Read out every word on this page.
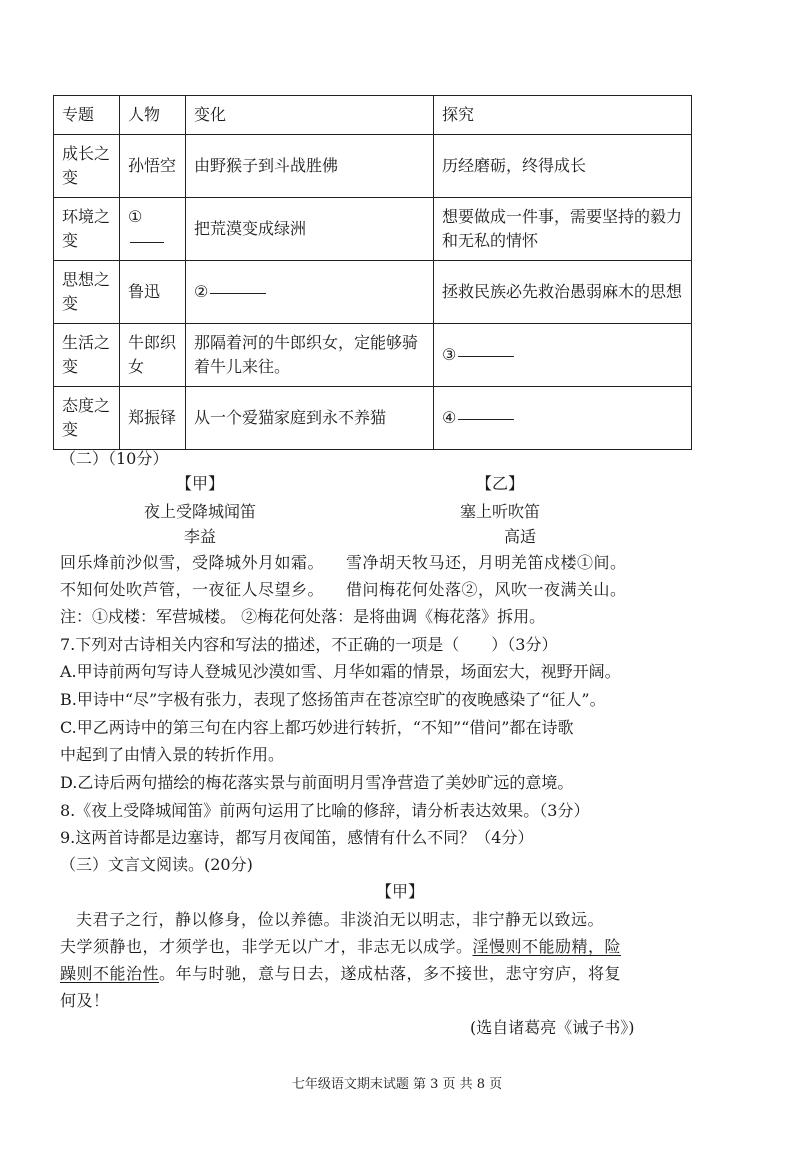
专题	人物	变化	探究
成长之变	孙悟空	由野猴子到斗战胜佛	历经磨砺，终得成长
环境之变	①	把荒漠变成绿洲	想要做成一件事，需要坚持的毅力和无私的情怀
思想之变	鲁迅	②	拯救民族必先救治愚弱麻木的思想
生活之变	牛郎织女	那隔着河的牛郎织女，定能够骑着牛儿来往。	③
态度之变	郑振铎	从一个爱猫家庭到永不养猫	④
（二）（10分）
【甲】	【乙】
夜上受降城闻笛	塞上听吹笛
李益	高适
回乐烽前沙似雪，受降城外月如霜。 雪净胡天牧马还，月明羌笛戍楼①间。
不知何处吹芦管，一夜征人尽望乡。 借问梅花何处落②，风吹一夜满关山。
注：①戍楼：军营城楼。 ②梅花何处落：是将曲调《梅花落》拆用。
7.下列对古诗相关内容和写法的描述，不正确的一项是（　　）（3分）
A.甲诗前两句写诗人登城见沙漠如雪、月华如霜的情景，场面宏大，视野开阔。
B.甲诗中“尽”字极有张力，表现了悠扬笛声在苍凉空旷的夜晚感染了“征人”。
C.甲乙两诗中的第三句在内容上都巧妙进行转折，“不知”“借问”都在诗歌
中起到了由情入景的转折作用。
D.乙诗后两句描绘的梅花落实景与前面明月雪净营造了美妙旷远的意境。
8.《夜上受降城闻笛》前两句运用了比喻的修辞，请分析表达效果。（3分）
9.这两首诗都是边塞诗，都写月夜闻笛，感情有什么不同？（4分）
（三）文言文阅读。(20分)
【甲】
夫君子之行，静以修身，俭以养德。非淡泊无以明志，非宁静无以致远。
夫学须静也，才须学也，非学无以广才，非志无以成学。淫慢则不能励精，险
躁则不能治性。年与时驰，意与日去，遂成枯落，多不接世，悲守穷庐，将复
何及！
(选自诸葛亮《诫子书》)
七年级语文期末试题 第 3 页 共 8 页
